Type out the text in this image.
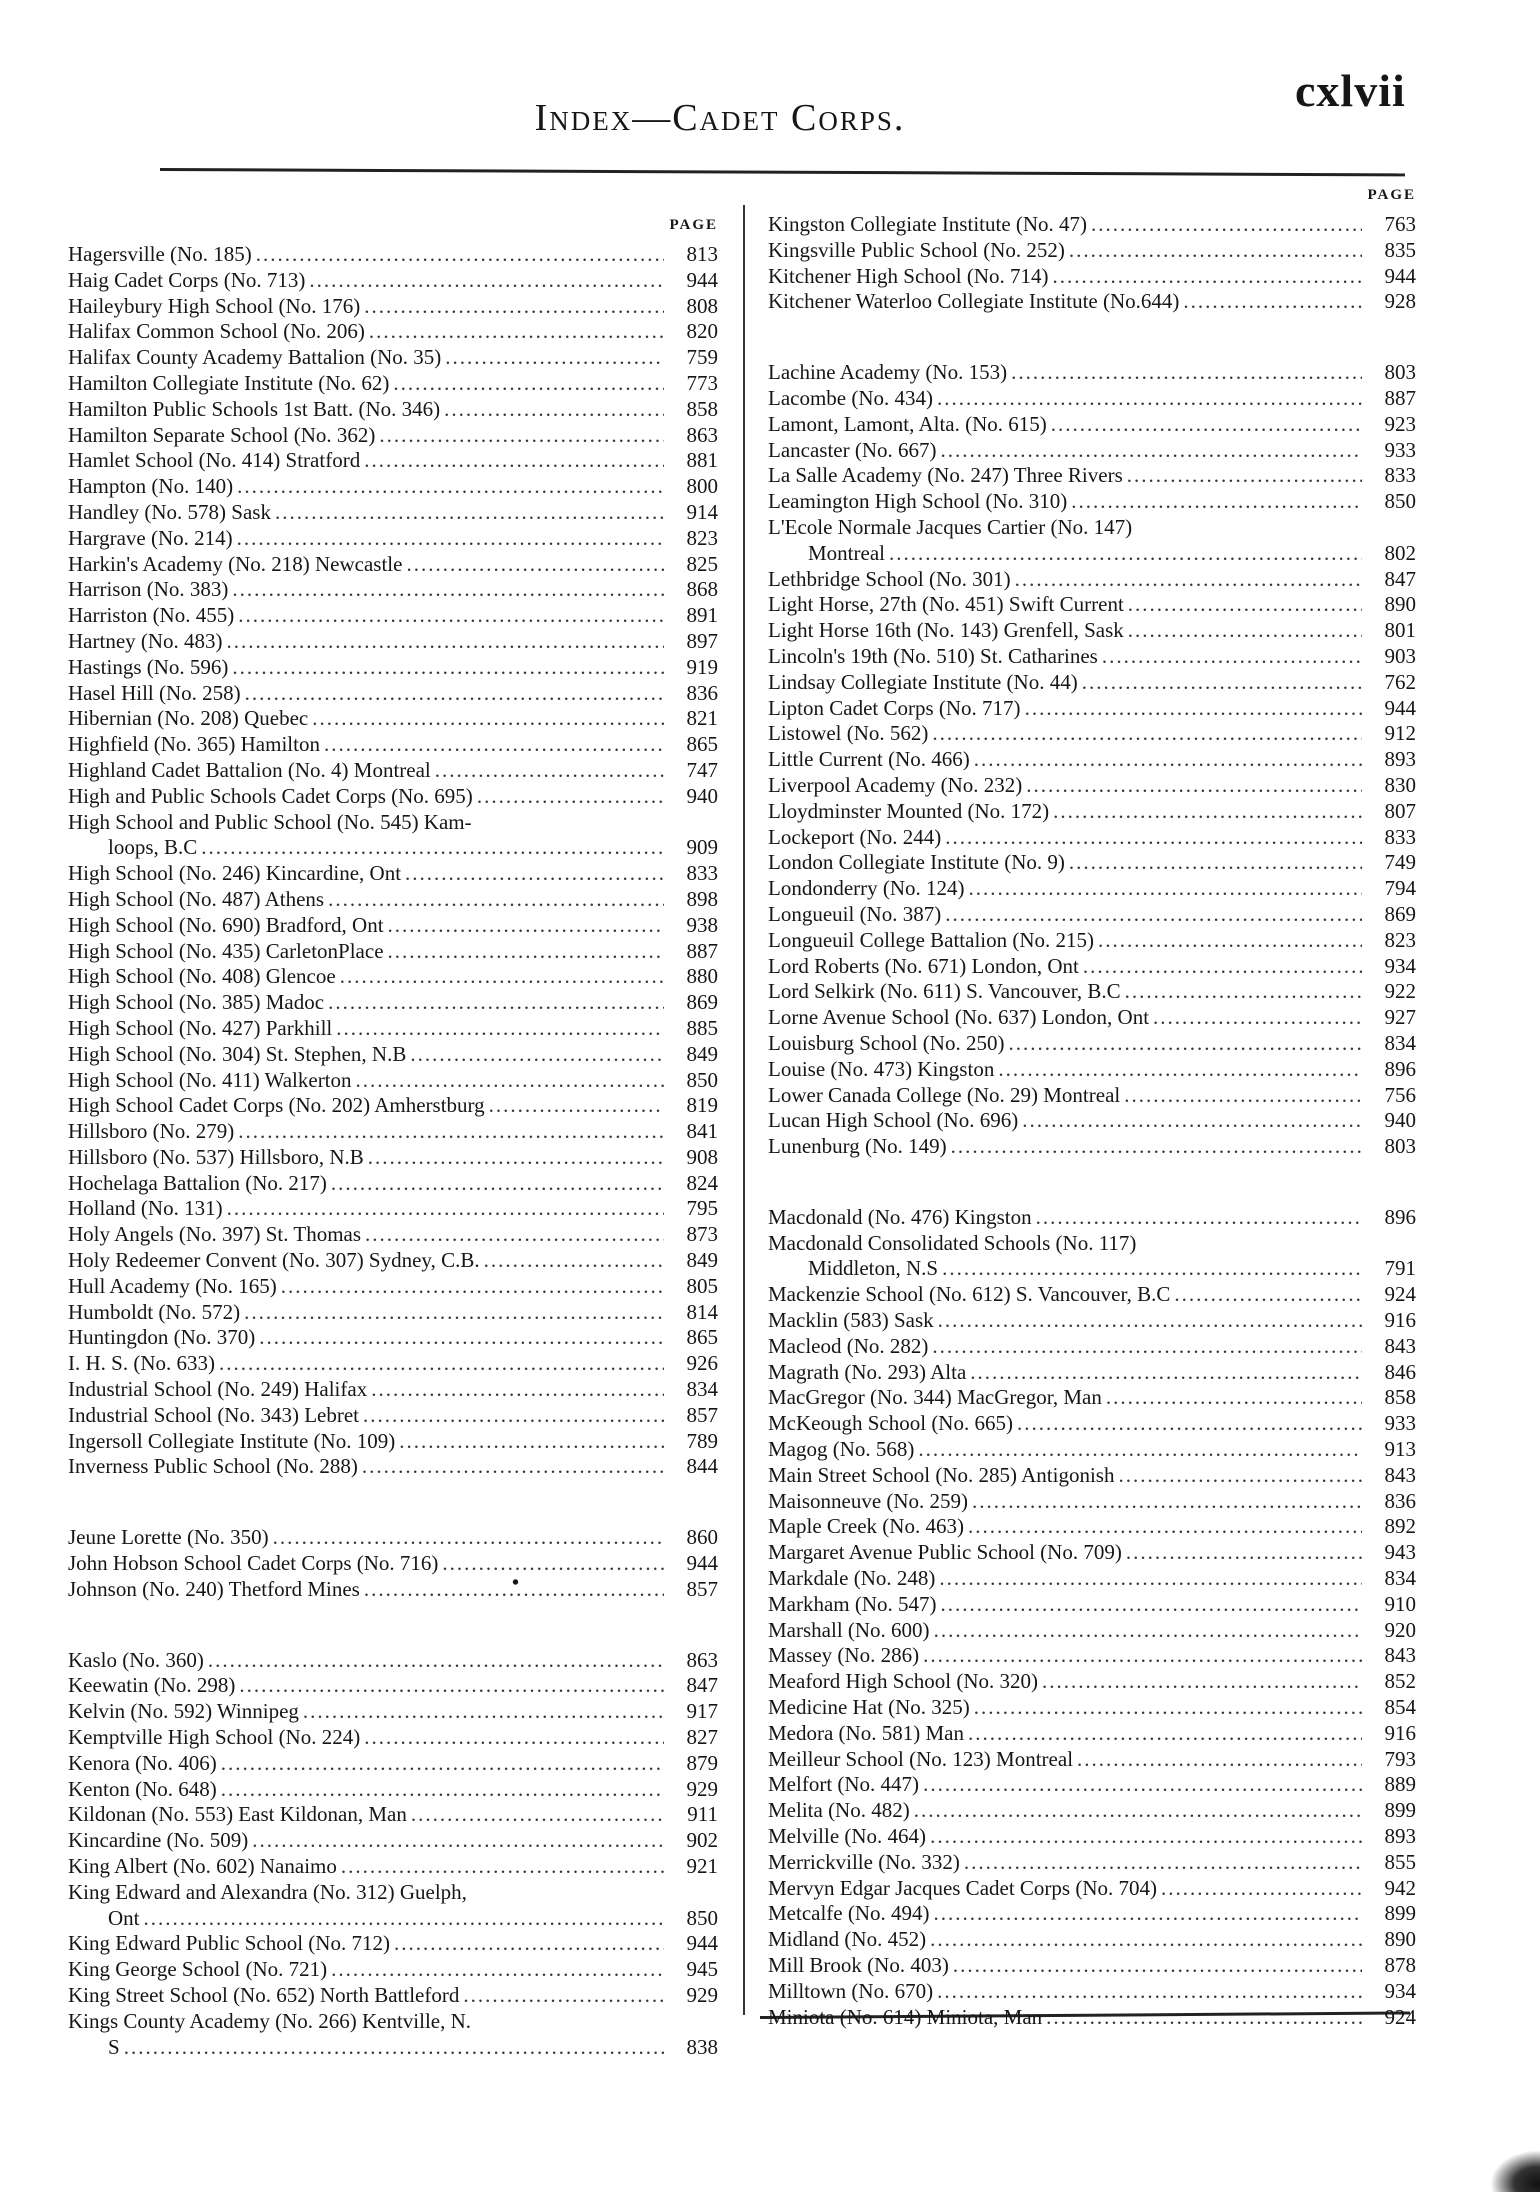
Index—Cadet Corps.
cxlvii
•
PAGE
Hagersville (No. 185) .....	813
Haig Cadet Corps (No. 713) .....	944
Haileybury High School (No. 176) .....	808
Halifax Common School (No. 206) .....	820
Halifax County Academy Battalion (No. 35) .....	759
Hamilton Collegiate Institute (No. 62) .....	773
Hamilton Public Schools 1st Batt. (No. 346) .....	858
Hamilton Separate School (No. 362) .....	863
Hamlet School (No. 414) Stratford .....	881
Hampton (No. 140) .....	800
Handley (No. 578) Sask .....	914
Hargrave (No. 214) .....	823
Harkin's Academy (No. 218) Newcastle .....	825
Harrison (No. 383) .....	868
Harriston (No. 455) .....	891
Hartney (No. 483) .....	897
Hastings (No. 596) .....	919
Hasel Hill (No. 258) .....	836
Hibernian (No. 208) Quebec .....	821
Highfield (No. 365) Hamilton .....	865
Highland Cadet Battalion (No. 4) Montreal .....	747
High and Public Schools Cadet Corps (No. 695) .....	940
High School and Public School (No. 545) Kam-
loops, B.C .....	909
High School (No. 246) Kincardine, Ont .....	833
High School (No. 487) Athens .....	898
High School (No. 690) Bradford, Ont .....	938
High School (No. 435) CarletonPlace .....	887
High School (No. 408) Glencoe .....	880
High School (No. 385) Madoc .....	869
High School (No. 427) Parkhill .....	885
High School (No. 304) St. Stephen, N.B .....	849
High School (No. 411) Walkerton .....	850
High School Cadet Corps (No. 202) Amherstburg .....	819
Hillsboro (No. 279) .....	841
Hillsboro (No. 537) Hillsboro, N.B .....	908
Hochelaga Battalion (No. 217) .....	824
Holland (No. 131) .....	795
Holy Angels (No. 397) St. Thomas .....	873
Holy Redeemer Convent (No. 307) Sydney, C.B. .....	849
Hull Academy (No. 165) .....	805
Humboldt (No. 572) .....	814
Huntingdon (No. 370) .....	865
I. H. S. (No. 633) .....	926
Industrial School (No. 249) Halifax .....	834
Industrial School (No. 343) Lebret .....	857
Ingersoll Collegiate Institute (No. 109) .....	789
Inverness Public School (No. 288) .....	844
Jeune Lorette (No. 350) .....	860
John Hobson School Cadet Corps (No. 716) .....	944
Johnson (No. 240) Thetford Mines .....	857
Kaslo (No. 360) .....	863
Keewatin (No. 298) .....	847
Kelvin (No. 592) Winnipeg .....	917
Kemptville High School (No. 224) .....	827
Kenora (No. 406) .....	879
Kenton (No. 648) .....	929
Kildonan (No. 553) East Kildonan, Man .....	911
Kincardine (No. 509) .....	902
King Albert (No. 602) Nanaimo .....	921
King Edward and Alexandra (No. 312) Guelph,
Ont .....	850
King Edward Public School (No. 712) .....	944
King George School (No. 721) .....	945
King Street School (No. 652) North Battleford .....	929
Kings County Academy (No. 266) Kentville, N.
S .....	838
PAGE
Kingston Collegiate Institute (No. 47) .....	763
Kingsville Public School (No. 252) .....	835
Kitchener High School (No. 714) .....	944
Kitchener Waterloo Collegiate Institute (No.644) .....	928
Lachine Academy (No. 153) .....	803
Lacombe (No. 434) .....	887
Lamont, Lamont, Alta. (No. 615) .....	923
Lancaster (No. 667) .....	933
La Salle Academy (No. 247) Three Rivers .....	833
Leamington High School (No. 310) .....	850
L'Ecole Normale Jacques Cartier (No. 147)
Montreal .....	802
Lethbridge School (No. 301) .....	847
Light Horse, 27th (No. 451) Swift Current .....	890
Light Horse 16th (No. 143) Grenfell, Sask .....	801
Lincoln's 19th (No. 510) St. Catharines .....	903
Lindsay Collegiate Institute (No. 44) .....	762
Lipton Cadet Corps (No. 717) .....	944
Listowel (No. 562) .....	912
Little Current (No. 466) .....	893
Liverpool Academy (No. 232) .....	830
Lloydminster Mounted (No. 172) .....	807
Lockeport (No. 244) .....	833
London Collegiate Institute (No. 9) .....	749
Londonderry (No. 124) .....	794
Longueuil (No. 387) .....	869
Longueuil College Battalion (No. 215) .....	823
Lord Roberts (No. 671) London, Ont .....	934
Lord Selkirk (No. 611) S. Vancouver, B.C .....	922
Lorne Avenue School (No. 637) London, Ont .....	927
Louisburg School (No. 250) .....	834
Louise (No. 473) Kingston .....	896
Lower Canada College (No. 29) Montreal .....	756
Lucan High School (No. 696) .....	940
Lunenburg (No. 149) .....	803
Macdonald (No. 476) Kingston .....	896
Macdonald Consolidated Schools (No. 117)
Middleton, N.S .....	791
Mackenzie School (No. 612) S. Vancouver, B.C .....	924
Macklin (583) Sask .....	916
Macleod (No. 282) .....	843
Magrath (No. 293) Alta .....	846
MacGregor (No. 344) MacGregor, Man .....	858
McKeough School (No. 665) .....	933
Magog (No. 568) .....	913
Main Street School (No. 285) Antigonish .....	843
Maisonneuve (No. 259) .....	836
Maple Creek (No. 463) .....	892
Margaret Avenue Public School (No. 709) .....	943
Markdale (No. 248) .....	834
Markham (No. 547) .....	910
Marshall (No. 600) .....	920
Massey (No. 286) .....	843
Meaford High School (No. 320) .....	852
Medicine Hat (No. 325) .....	854
Medora (No. 581) Man .....	916
Meilleur School (No. 123) Montreal .....	793
Melfort (No. 447) .....	889
Melita (No. 482) .....	899
Melville (No. 464) .....	893
Merrickville (No. 332) .....	855
Mervyn Edgar Jacques Cadet Corps (No. 704) .....	942
Metcalfe (No. 494) .....	899
Midland (No. 452) .....	890
Mill Brook (No. 403) .....	878
Milltown (No. 670) .....	934
Miniota (No. 614) Miniota, Man .....	924
